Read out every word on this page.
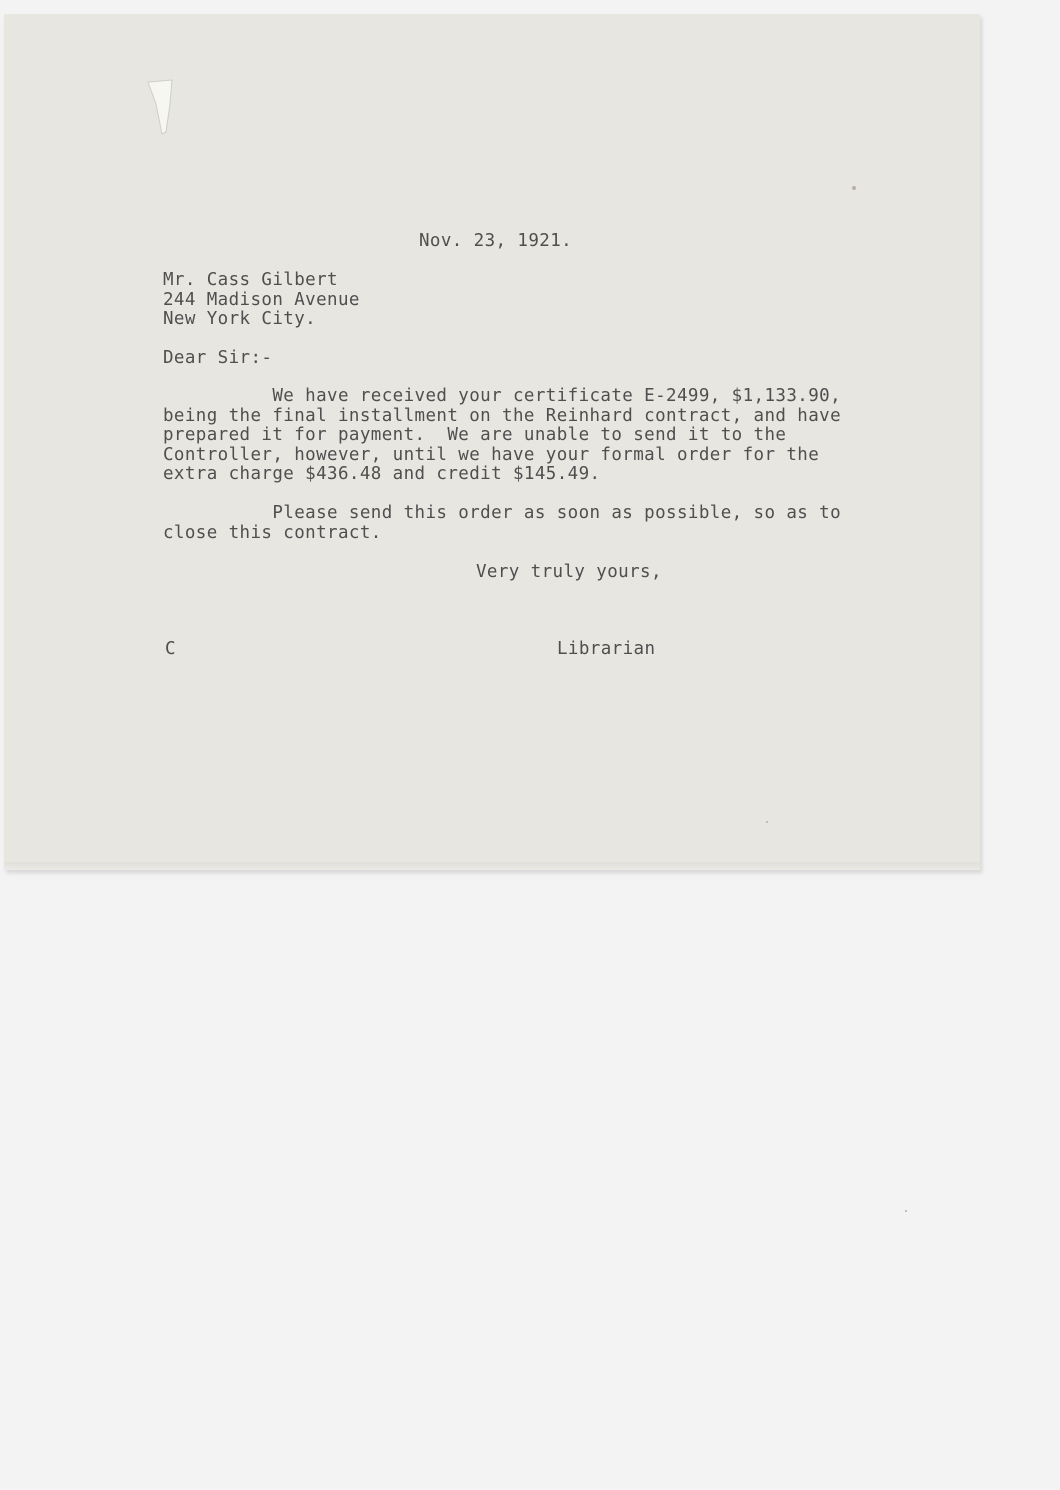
Nov. 23, 1921.
Mr. Cass Gilbert
244 Madison Avenue
New York City.
Dear Sir:-
We have received your certificate E-2499, $1,133.90,
being the final installment on the Reinhard contract, and have
prepared it for payment.  We are unable to send it to the
Controller, however, until we have your formal order for the
extra charge $436.48 and credit $145.49.
Please send this order as soon as possible, so as to
close this contract.
Very truly yours,
C	Librarian
